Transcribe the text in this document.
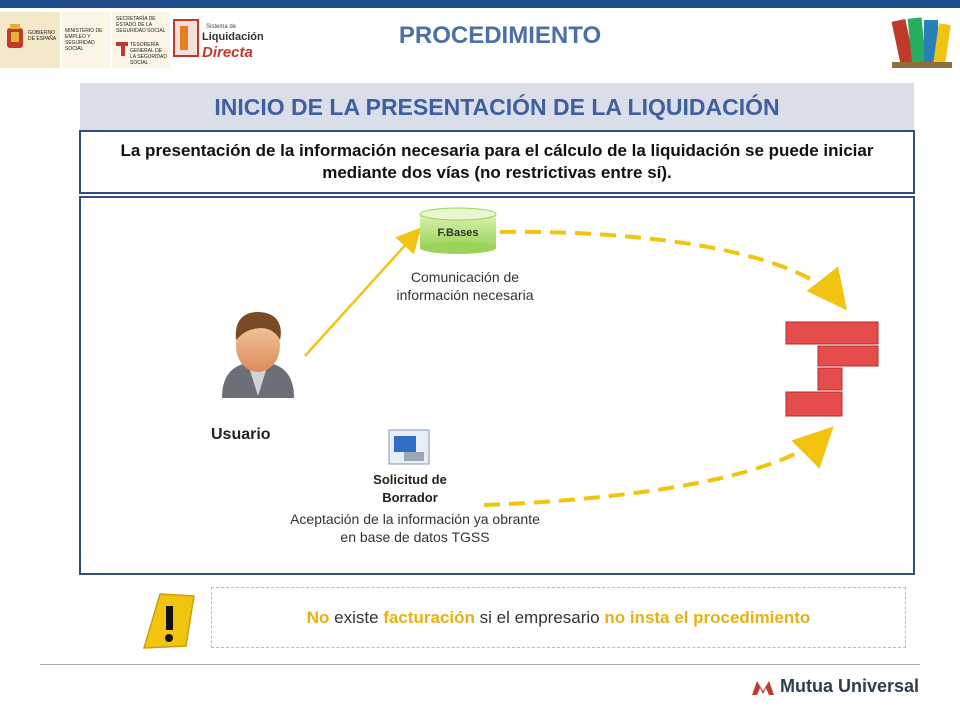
GOBIERNO DE ESPAÑA
MINISTERIO DE EMPLEO Y SEGURIDAD SOCIAL
SECRETARÍA DE ESTADO DE LA SEGURIDAD SOCIAL
TESORERÍA GENERAL DE LA SEGURIDAD SOCIAL
Sistema de
Liquidación
Directa
PROCEDIMIENTO
INICIO DE LA PRESENTACIÓN DE LA LIQUIDACIÓN
La presentación de la información necesaria para el cálculo de la liquidación se puede iniciar mediante dos vías (no restrictivas entre sí).
Usuario
F.Bases
Comunicación de información necesaria
Solicitud de Borrador
Aceptación de la información ya obrante en base de datos TGSS
No existe facturación si el empresario no insta el procedimiento
Mutua Universal
